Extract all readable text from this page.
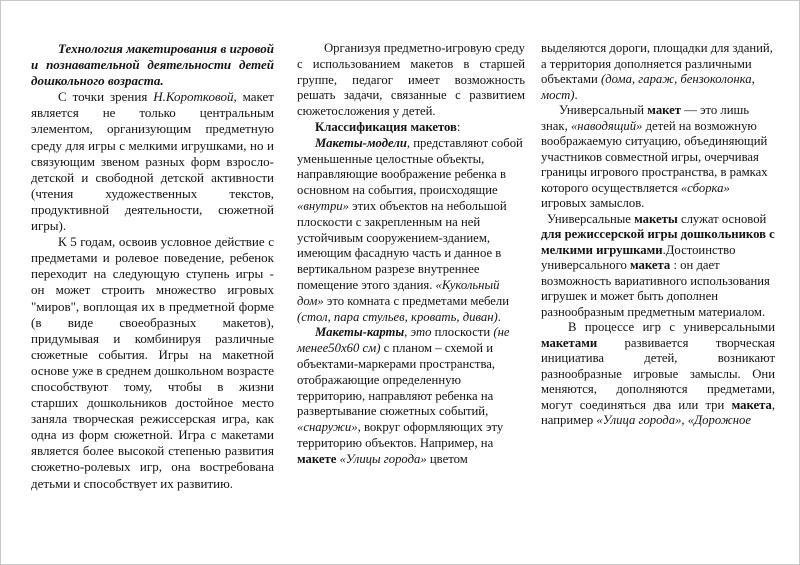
Технология макетирования в игровой и познавательной деятельности детей дошкольного возраста.

С точки зрения Н.Коротковой, макет является не только центральным элементом, организующим предметную среду для игры с мелкими игрушками, но и связующим звеном разных форм взросло-детской и свободной детской активности (чтения художественных текстов, продуктивной деятельности, сюжетной игры).

К 5 годам, освоив условное действие с предметами и ролевое поведение, ребенок переходит на следующую ступень игры - он может строить множество игровых "миров", воплощая их в предметной форме (в виде своеобразных макетов), придумывая и комбинируя различные сюжетные события. Игры на макетной основе уже в среднем дошкольном возрасте способствуют тому, чтобы в жизни старших дошкольников достойное место заняла творческая режиссерская игра, как одна из форм сюжетной. Игра с макетами является более высокой степенью развития сюжетно-ролевых игр, она востребована детьми и способствует их развитию.

Организуя предметно-игровую среду с использованием макетов в старшей группе, педагог имеет возможность решать задачи, связанные с развитием сюжетосложения у детей.

Классификация макетов:

Макеты-модели, представляют собой уменьшенные целостные объекты, направляющие воображение ребенка в основном на события, происходящие «внутри» этих объектов на небольшой плоскости с закрепленным на ней устойчивым сооружением-зданием, имеющим фасадную часть и данное в вертикальном разрезе внутреннее помещение этого здания. «Кукольный дом» это комната с предметами мебели (стол, пара стульев, кровать, диван).

Макеты-карты, это плоскости (не менее50х60 см) с планом – схемой и объектами-маркерами пространства, отображающие определенную территорию, направляют ребенка на развертывание сюжетных событий, «снаружи», вокруг оформляющих эту территорию объектов. Например, на макете «Улицы города» цветом

выделяются дороги, площадки для зданий, а территория дополняется различными объектами (дома, гараж, бензоколонка, мост).

Универсальный макет — это лишь знак, «наводящий» детей на возможную воображаемую ситуацию, объединяющий участников совместной игры, очерчивая границы игрового пространства, в рамках которого осуществляется «сборка» игровых замыслов.

Универсальные макеты служат основой для режиссерской игры дошкольников с мелкими игрушками.Достоинство универсального макета : он дает возможность вариативного использования игрушек и может быть дополнен разнообразным предметным материалом.

В процессе игр с универсальными макетами развивается творческая инициатива детей, возникают разнообразные игровые замыслы. Они меняются, дополняются предметами, могут соединяться два или три макета, например «Улица города», «Дорожное
